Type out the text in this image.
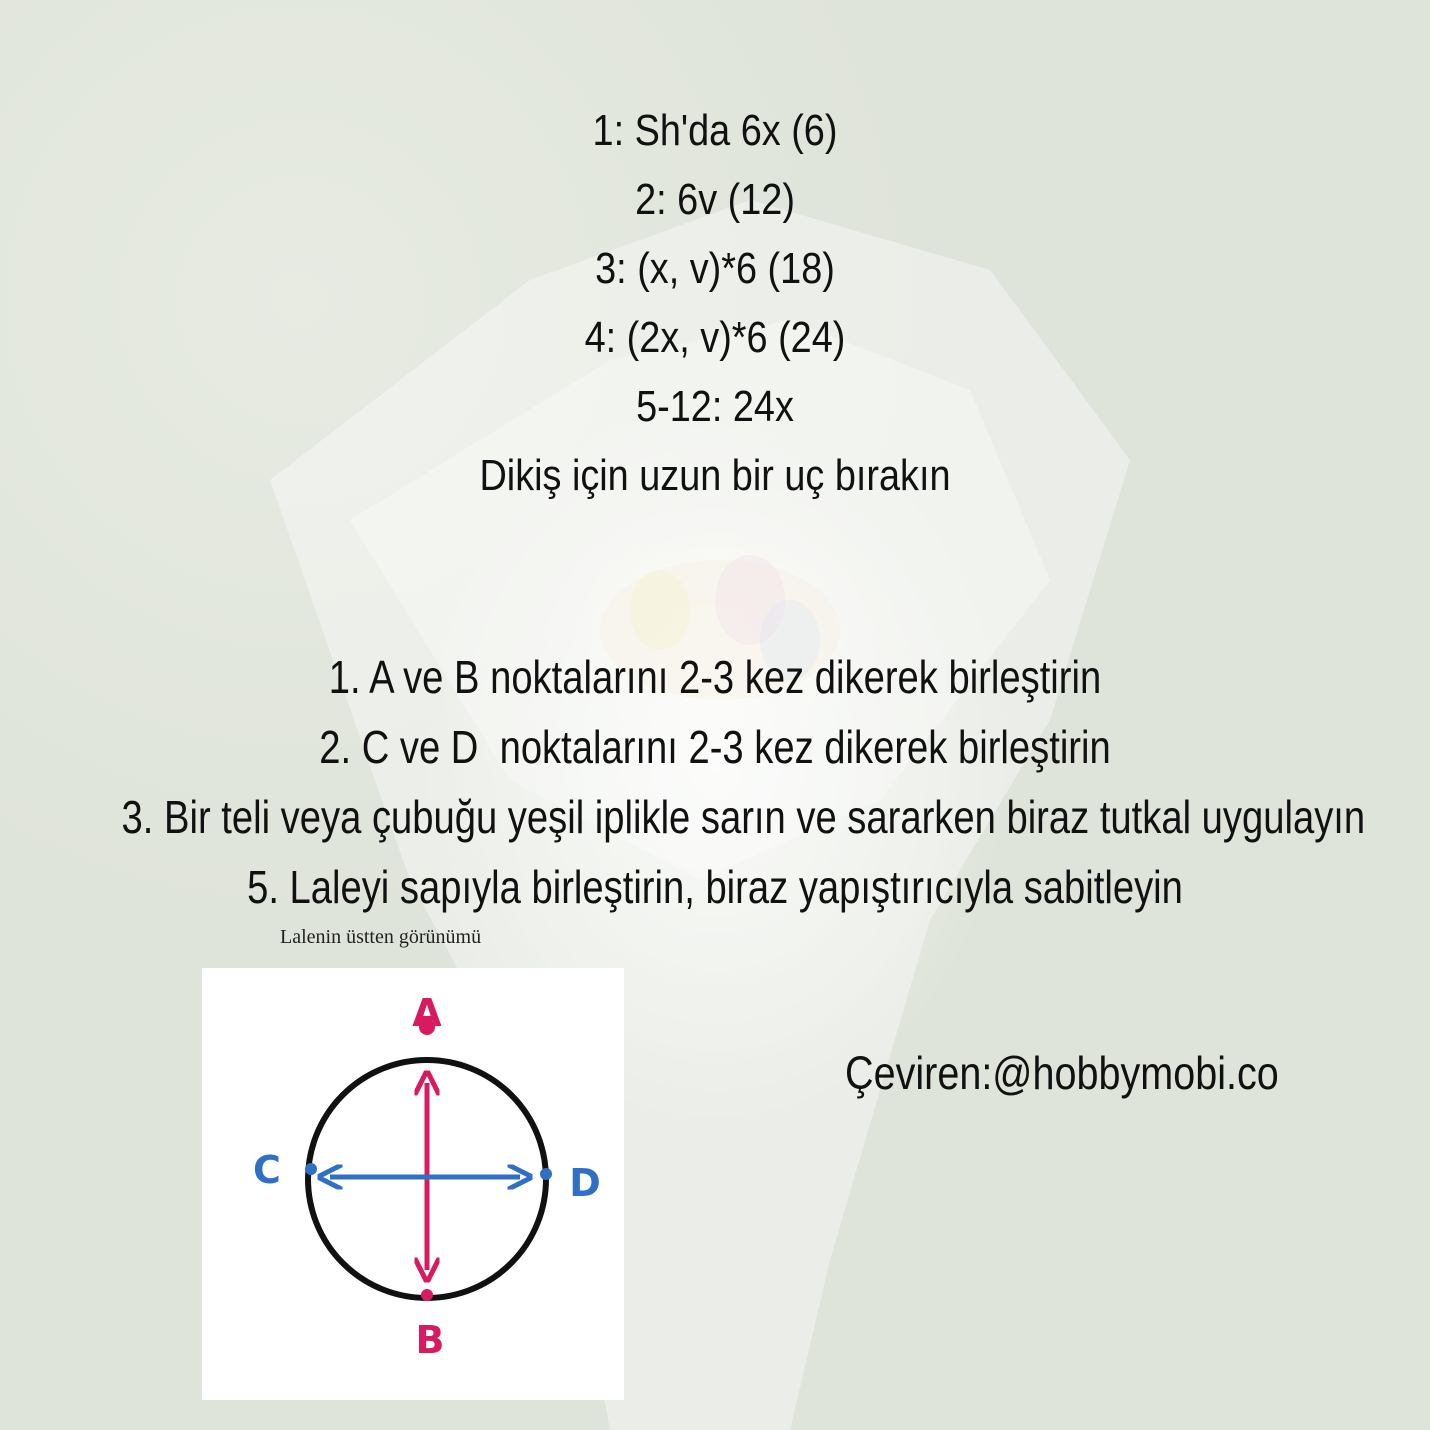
1: Sh'da 6x (6)
2: 6v (12)
3: (x, v)*6 (18)
4: (2x, v)*6 (24)
5-12: 24x
Dikiş için uzun bir uç bırakın
1. A ve B noktalarını 2-3 kez dikerek birleştirin
2. C ve D  noktalarını 2-3 kez dikerek birleştirin
3. Bir teli veya çubuğu yeşil iplikle sarın ve sararken biraz tutkal uygulayın
5. Laleyi sapıyla birleştirin, biraz yapıştırıcıyla sabitleyin
Lalenin üstten görünümü
A
B
C	D
Çeviren:@hobbymobi.co
